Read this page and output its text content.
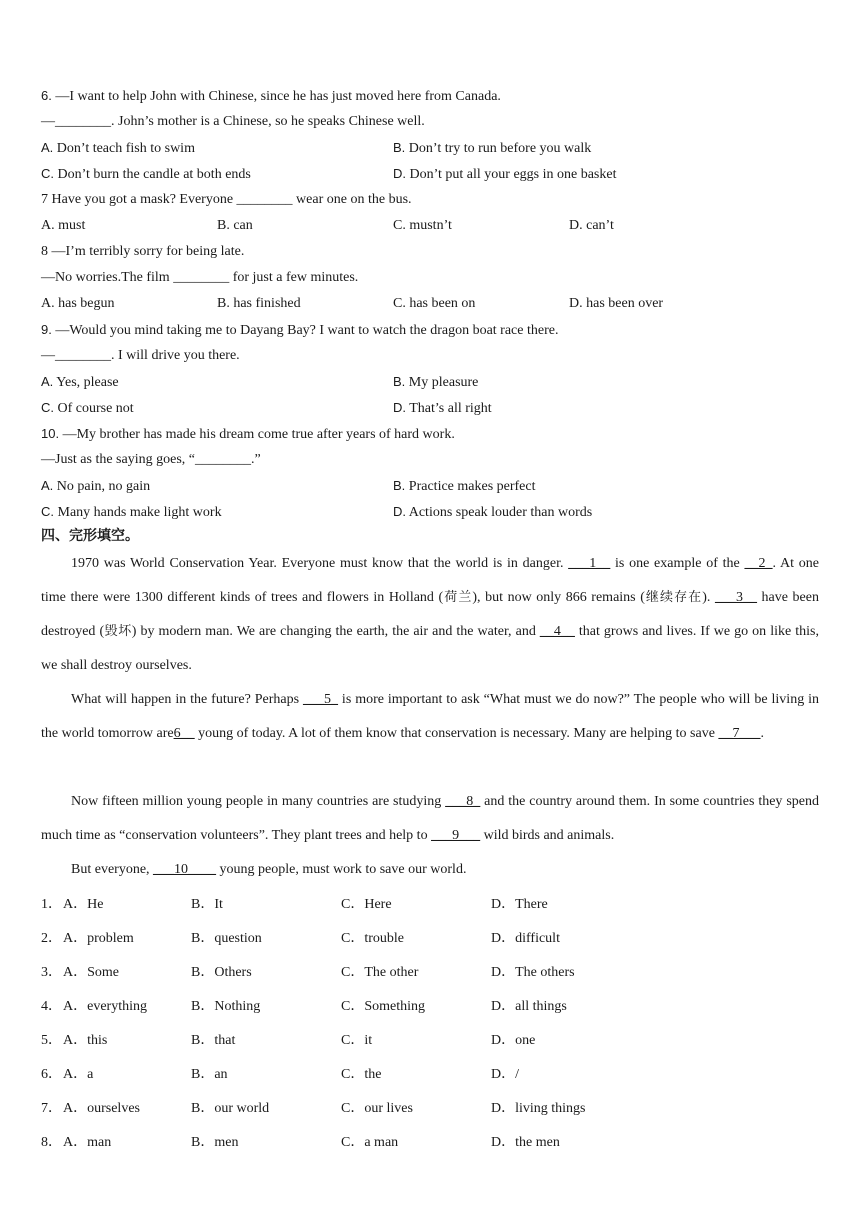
6. —I want to help John with Chinese, since he has just moved here from Canada.
—________. John’s mother is a Chinese, so he speaks Chinese well.
A. Don’t teach fish to swim	B. Don’t try to run before you walk
C. Don’t burn the candle at both ends	D. Don’t put all your eggs in one basket
7 Have you got a mask? Everyone ________ wear one on the bus.
A. must	B. can	C. mustn’t	D. can’t
8 —I’m terribly sorry for being late.
—No worries.The film ________ for just a few minutes.
A. has begun	B. has finished	C. has been on	D. has been over
9. —Would you mind taking me to Dayang Bay? I want to watch the dragon boat race there.
—________. I will drive you there.
A. Yes, please	B. My pleasure
C. Of course not	D. That’s all right
10. —My brother has made his dream come true after years of hard work.
—Just as the saying goes, “________.”
A. No pain, no gain	B. Practice makes perfect
C. Many hands make light work	D. Actions speak louder than words
四、完形填空。
1970 was World Conservation Year. Everyone must know that the world is in danger. ___1__ is one example of the __2_. At one time there were 1300 different kinds of trees and flowers in Holland (荷兰), but now only 866 remains (继续存在). ___3__ have been destroyed (毁坏) by modern man. We are changing the earth, the air and the water, and __4__ that grows and lives. If we go on like this, we shall destroy ourselves.
What will happen in the future? Perhaps ___5_ is more important to ask “What must we do now?” The people who will be living in the world tomorrow are6__ young of today. A lot of them know that conservation is necessary. Many are helping to save __7___.
Now fifteen million young people in many countries are studying ___8_ and the country around them. In some countries they spend much time as “conservation volunteers”. They plant trees and help to ___9___ wild birds and animals.
But everyone, ___10____ young people, must work to save our world.
1． A．He	B．It	C．Here	D．There
2． A．problem	B．question	C．trouble	D．difficult
3． A．Some	B．Others	C．The other	D．The others
4． A．everything	B．Nothing	C．Something	D．all things
5． A．this	B．that	C．it	D．one
6． A．a	B．an	C．the	D．/
7． A．ourselves	B．our world	C．our lives	D．living things
8． A．man	B．men	C．a man	D．the men
